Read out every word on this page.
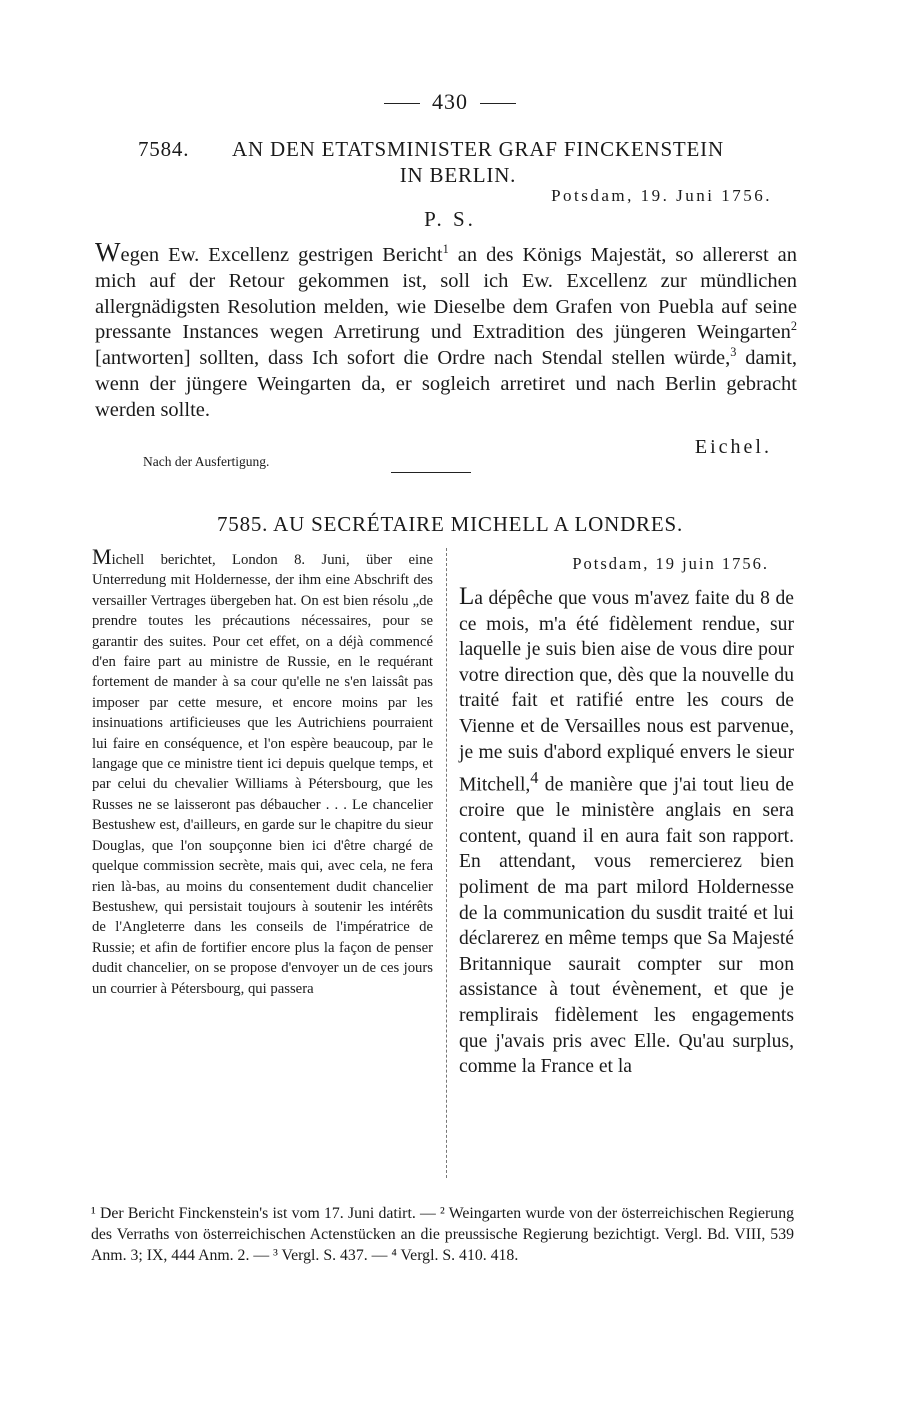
430
7584.	AN DEN ETATSMINISTER GRAF FINCKENSTEIN
IN BERLIN.
Potsdam, 19. Juni 1756.
P. S.
Wegen Ew. Excellenz gestrigen Bericht$^1$ an des Königs Majestät, so allererst an mich auf der Retour gekommen ist, soll ich Ew. Excellenz zur mündlichen allergnädigsten Resolution melden, wie Dieselbe dem Grafen von Puebla auf seine pressante Instances wegen Arretirung und Extradition des jüngeren Weingarten$^2$ [antworten] sollten, dass Ich sofort die Ordre nach Stendal stellen würde,$^3$ damit, wenn der jüngere Weingarten da, er sogleich arretiret und nach Berlin gebracht werden sollte.
Eichel.
Nach der Ausfertigung.
7585. AU SECRÉTAIRE MICHELL A LONDRES.
Michell berichtet, London 8. Juni, über eine Unterredung mit Holdernesse, der ihm eine Abschrift des versailler Vertrages übergeben hat. On est bien résolu „de prendre toutes les précautions nécessaires, pour se garantir des suites. Pour cet effet, on a déjà commencé d'en faire part au ministre de Russie, en le requérant fortement de mander à sa cour qu'elle ne s'en laissât pas imposer par cette mesure, et encore moins par les insinuations artificieuses que les Autrichiens pourraient lui faire en conséquence, et l'on espère beaucoup, par le langage que ce ministre tient ici depuis quelque temps, et par celui du chevalier Williams à Pétersbourg, que les Russes ne se laisseront pas débaucher . . . Le chancelier Bestushew est, d'ailleurs, en garde sur le chapitre du sieur Douglas, que l'on soupçonne bien ici d'être chargé de quelque commission secrète, mais qui, avec cela, ne fera rien là-bas, au moins du consentement dudit chancelier Bestushew, qui persistait toujours à soutenir les intérêts de l'Angleterre dans les conseils de l'impératrice de Russie; et afin de fortifier encore plus la façon de penser dudit chancelier, on se propose d'envoyer un de ces jours un courrier à Pétersbourg, qui passera
Potsdam, 19 juin 1756.
La dépêche que vous m'avez faite du 8 de ce mois, m'a été fidèlement rendue, sur laquelle je suis bien aise de vous dire pour votre direction que, dès que la nouvelle du traité fait et ratifié entre les cours de Vienne et de Versailles nous est parvenue, je me suis d'abord expliqué envers le sieur Mitchell,$^4$ de manière que j'ai tout lieu de croire que le ministère anglais en sera content, quand il en aura fait son rapport. En attendant, vous remercierez bien poliment de ma part milord Holdernesse de la communication du susdit traité et lui déclarerez en même temps que Sa Majesté Britannique saurait compter sur mon assistance à tout évènement, et que je remplirais fidèlement les engagements que j'avais pris avec Elle. Qu'au surplus, comme la France et la
¹ Der Bericht Finckenstein's ist vom 17. Juni datirt. — ² Weingarten wurde von der österreichischen Regierung des Verraths von österreichischen Actenstücken an die preussische Regierung bezichtigt. Vergl. Bd. VIII, 539 Anm. 3; IX, 444 Anm. 2. — ³ Vergl. S. 437. — ⁴ Vergl. S. 410. 418.
